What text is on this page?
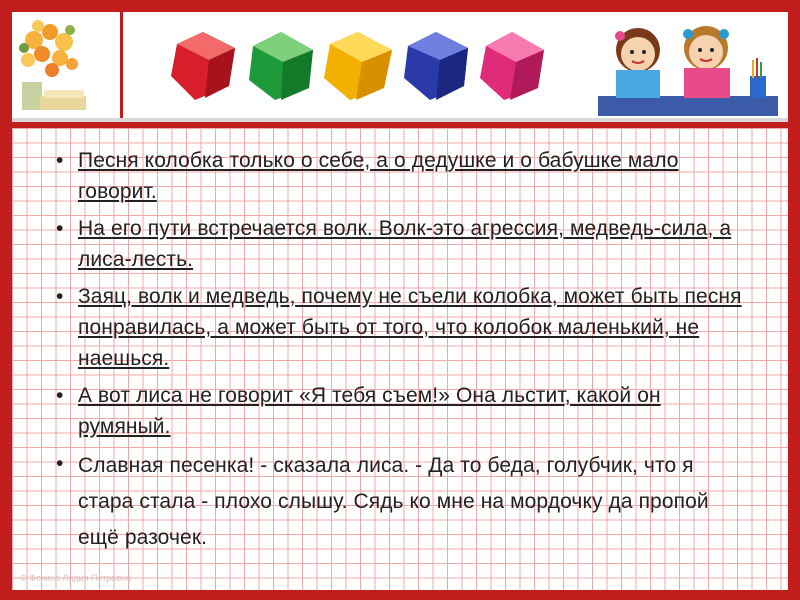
• Песня колобка только о себе, а о дедушке и о бабушке мало говорит.
• На его пути встречается волк. Волк-это агрессия, медведь-сила, а лиса-лесть.
• Заяц, волк и медведь, почему не съели колобка, может быть песня понравилась, а может быть от того, что колобок маленький, не наешься.
• А вот лиса не говорит «Я тебя съем!» Она льстит, какой он румяный.
• Славная песенка! - сказала лиса. - Да то беда, голубчик, что я стара стала - плохо слышу. Сядь ко мне на мордочку да пропой ещё разочек.
© Фокина Лидия Петровна
